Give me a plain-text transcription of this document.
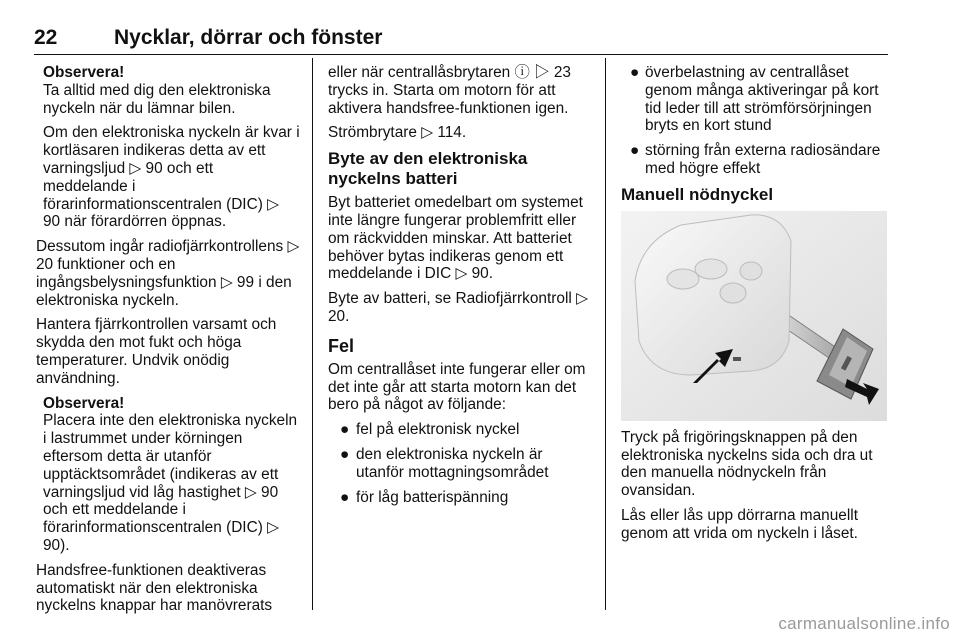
22	Nycklar, dörrar och fönster

Observera!

Ta alltid med dig den elektroniska nyckeln när du lämnar bilen.

Om den elektroniska nyckeln är kvar i kortläsaren indikeras detta av ett varningsljud ▷ 90 och ett meddelande i förarinformationscentralen (DIC) ▷ 90 när förardörren öppnas.

Dessutom ingår radiofjärrkontrollens ▷ 20 funktioner och en ingångsbelysningsfunktion ▷ 99 i den elektroniska nyckeln.

Hantera fjärrkontrollen varsamt och skydda den mot fukt och höga temperaturer. Undvik onödig användning.

Observera!

Placera inte den elektroniska nyckeln i lastrummet under körningen eftersom detta är utanför upptäcktsområdet (indikeras av ett varningsljud vid låg hastighet ▷ 90 och ett meddelande i förarinformationscentralen (DIC) ▷ 90).

Handsfree-funktionen deaktiveras automatiskt när den elektroniska nyckelns knappar har manövrerats

eller när centrallåsbrytaren ⓘ ▷ 23 trycks in. Starta om motorn för att aktivera handsfree-funktionen igen.

Strömbrytare ▷ 114.

Byte av den elektroniska nyckelns batteri

Byt batteriet omedelbart om systemet inte längre fungerar problemfritt eller om räckvidden minskar. Att batteriet behöver bytas indikeras genom ett meddelande i DIC ▷ 90.

Byte av batteri, se Radiofjärrkontroll ▷ 20.

Fel

Om centrallåset inte fungerar eller om det inte går att starta motorn kan det bero på något av följande:

● fel på elektronisk nyckel
● den elektroniska nyckeln är utanför mottagningsområdet
● för låg batterispänning
● överbelastning av centrallåset genom många aktiveringar på kort tid leder till att strömförsörjningen bryts en kort stund
● störning från externa radiosändare med högre effekt
Manuell nödnyckel

Tryck på frigöringsknappen på den elektroniska nyckelns sida och dra ut den manuella nödnyckeln från ovansidan.

Lås eller lås upp dörrarna manuellt genom att vrida om nyckeln i låset.

carmanualsonline.info
